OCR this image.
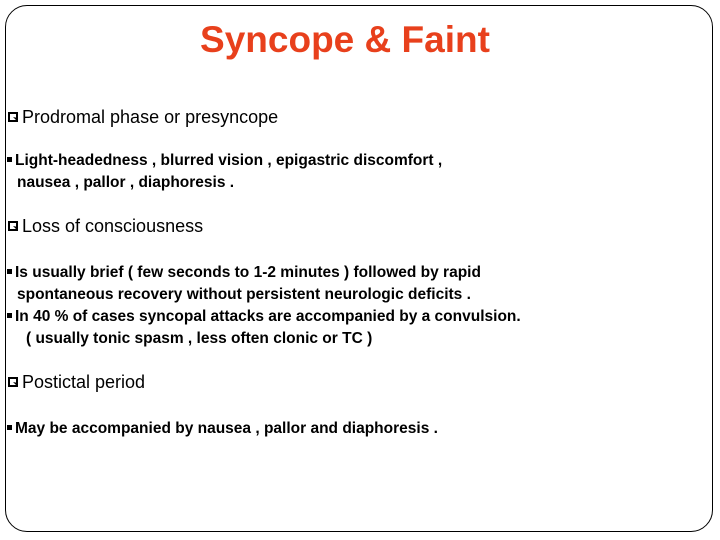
Syncope & Faint
Prodromal phase or presyncope
Light-headedness , blurred vision , epigastric discomfort ,
nausea , pallor , diaphoresis .
Loss of consciousness
Is usually brief ( few seconds to 1-2 minutes ) followed by rapid
spontaneous recovery without persistent neurologic deficits .
In 40 % of cases syncopal attacks are accompanied by a convulsion.
( usually tonic spasm , less often clonic or TC )
Postictal period
May be accompanied by nausea , pallor and diaphoresis .
